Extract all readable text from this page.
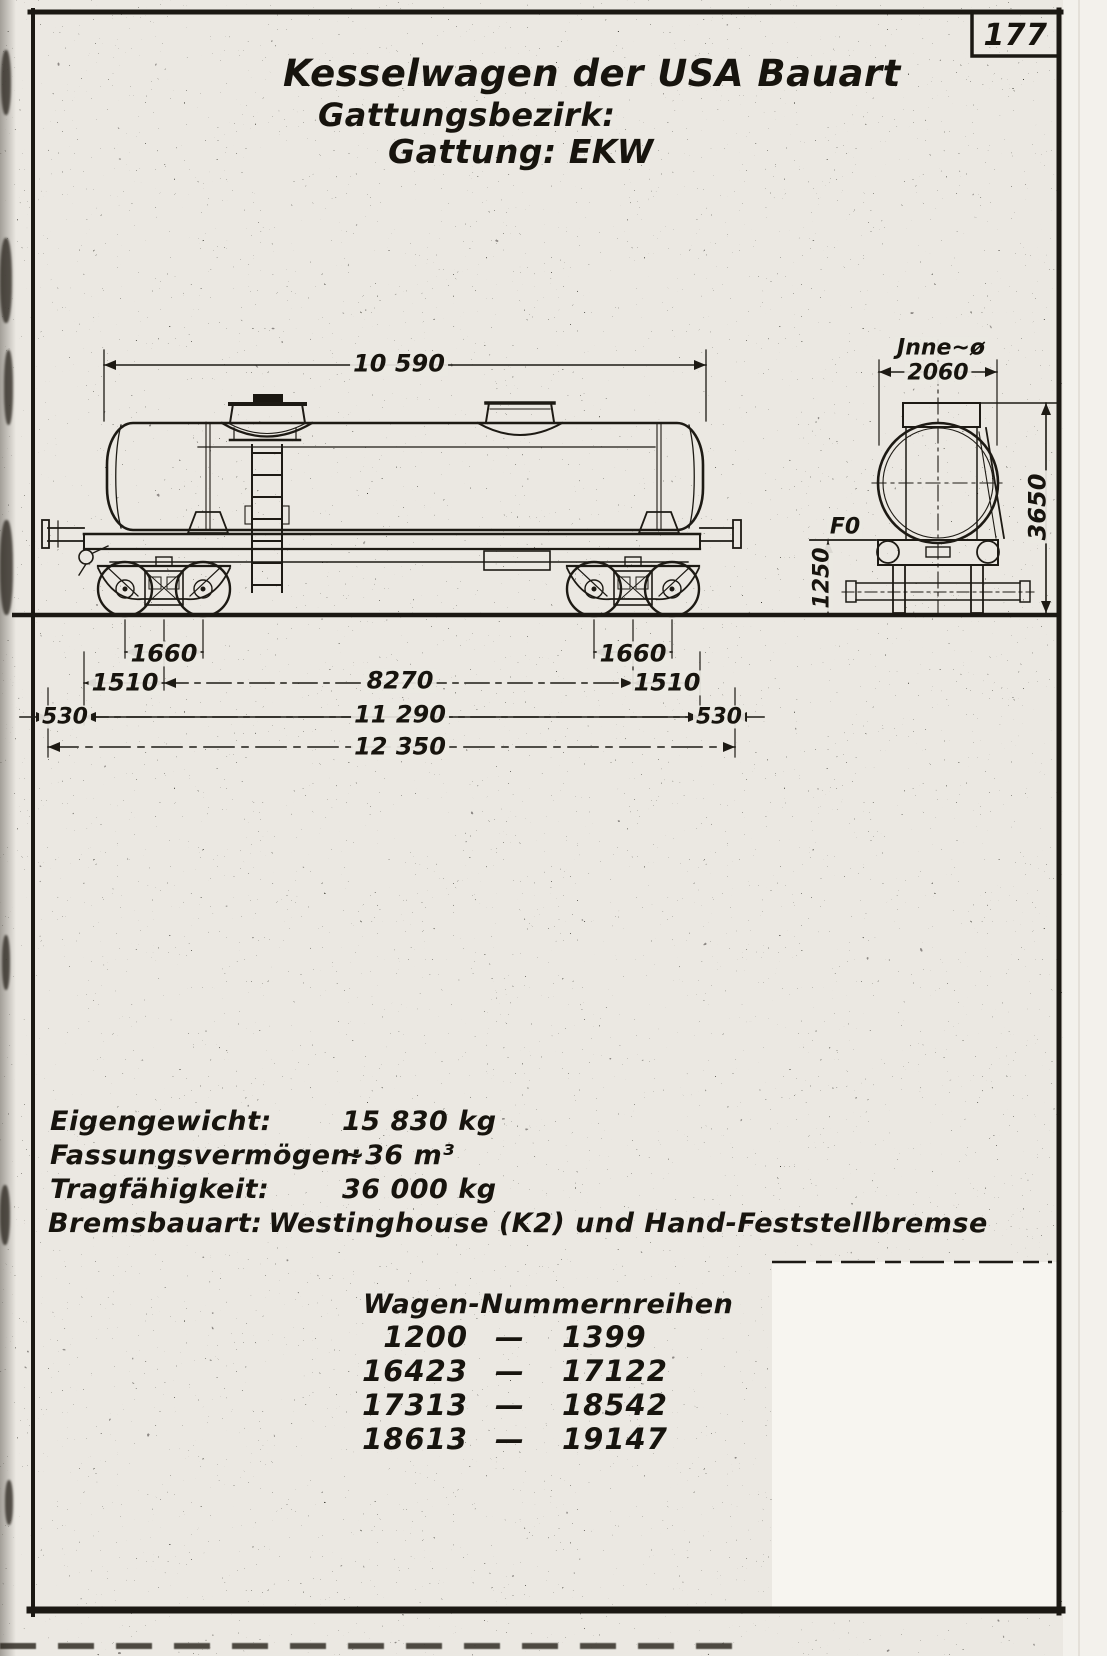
177
Kesselwagen der USA Bauart
Gattungsbezirk:
Gattung: EKW
10 590
1660	1660
1510	8270	1510
530	11 290	530
12 350
Jnne~ø
2060
3650
F0
1250
Eigengewicht:	15 830 kg
Fassungsvermögen:
~36 m³
Tragfähigkeit:	36 000 kg
Bremsbauart: Westinghouse (K2) und Hand-Feststellbremse
Wagen-Nummernreihen
1200 —	1399
16423 —	17122
17313 —	18542
18613 —	19147
